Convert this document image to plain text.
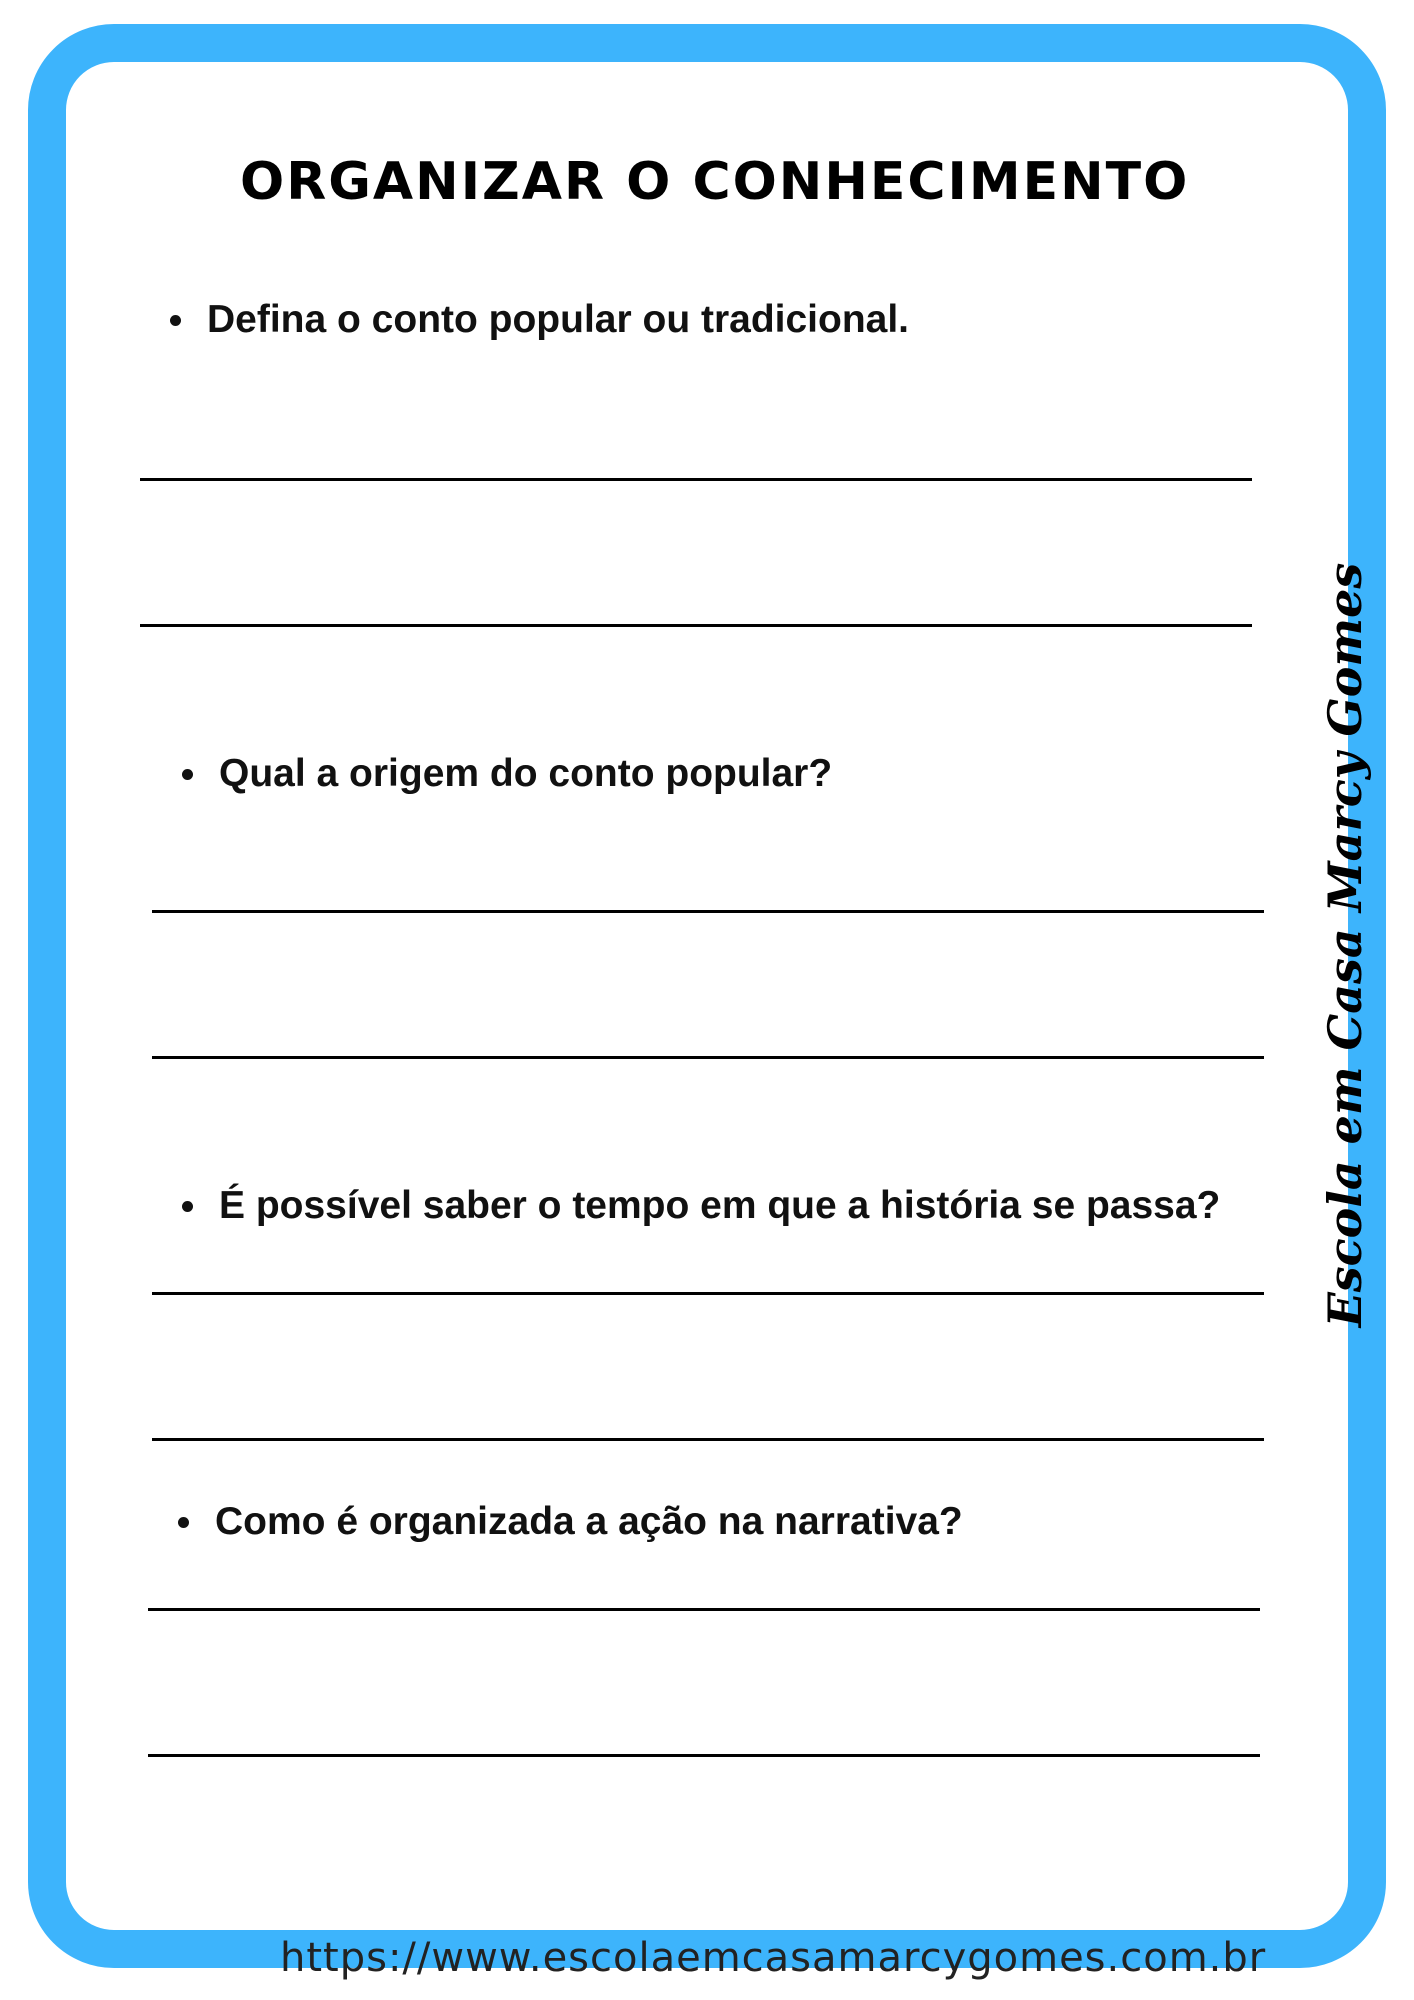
ORGANIZAR O CONHECIMENTO
Defina o conto popular ou tradicional.
Qual a origem do conto popular?
É possível saber o tempo em que a história se passa?
Como é organizada a ação na narrativa?
Escola em Casa Marcy Gomes
https://www.escolaemcasamarcygomes.com.br
